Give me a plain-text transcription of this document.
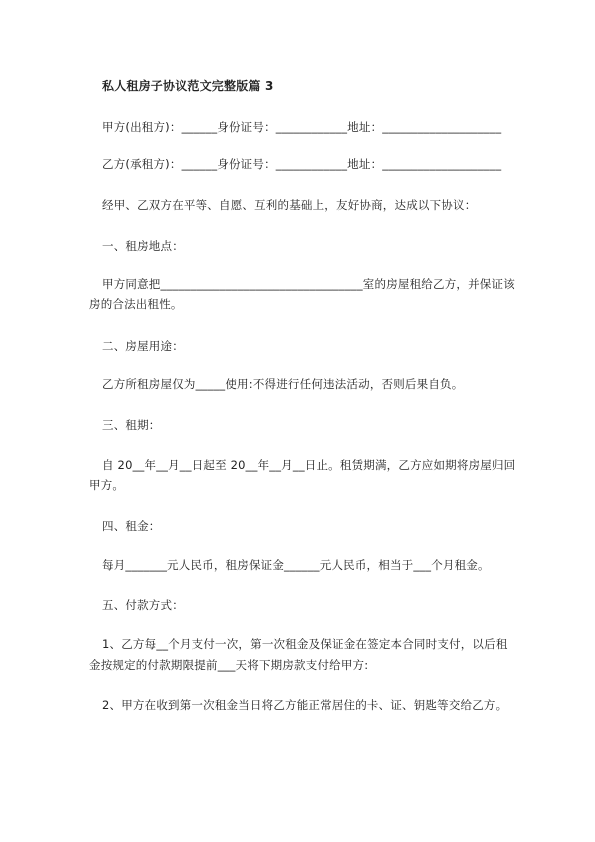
私人租房子协议范文完整版篇 3
甲方(出租方)：______身份证号：____________地址：____________________
乙方(承租方)：______身份证号：____________地址：____________________
经甲、乙双方在平等、自愿、互利的基础上，友好协商，达成以下协议：
一、租房地点：
甲方同意把__________________________________室的房屋租给乙方，并保证该
房的合法出租性。
二、房屋用途：
乙方所租房屋仅为_____使用:不得进行任何违法活动，否则后果自负。
三、租期：
自 20__年__月__日起至 20__年__月__日止。租赁期满，乙方应如期将房屋归回
甲方。
四、租金：
每月_______元人民币，租房保证金______元人民币，相当于___个月租金。
五、付款方式：
1、乙方每__个月支付一次，第一次租金及保证金在签定本合同时支付，以后租
金按规定的付款期限提前___天将下期房款支付给甲方:
2、甲方在收到第一次租金当日将乙方能正常居住的卡、证、钥匙等交给乙方。
